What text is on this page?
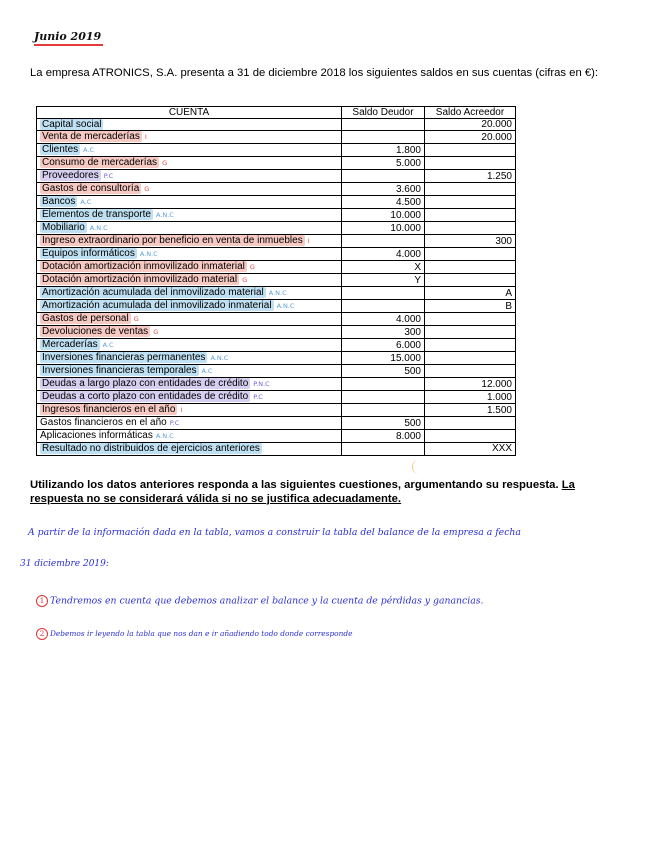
Junio 2019
La empresa ATRONICS, S.A. presenta a 31 de diciembre 2018 los siguientes saldos en sus cuentas (cifras en €):
CUENTA	Saldo Deudor	Saldo Acreedor
Capital social		20.000
Venta de mercaderías I		20.000
Clientes A.C	1.800	
Consumo de mercaderías G	5.000	
Proveedores P.C		1.250
Gastos de consultoría G	3.600	
Bancos A.C	4.500	
Elementos de transporte A.N.C	10.000	
Mobiliario A.N.C	10.000	
Ingreso extraordinario por beneficio en venta de inmuebles I		300
Equipos informáticos A.N.C	4.000	
Dotación amortización inmovilizado inmaterial G	X	
Dotación amortización inmovilizado material G	Y	
Amortización acumulada del inmovilizado material A.N.C		A
Amortización acumulada del inmovilizado inmaterial A.N.C		B
Gastos de personal G	4.000	
Devoluciones de ventas G	300	
Mercaderías A.C	6.000	
Inversiones financieras permanentes A.N.C	15.000	
Inversiones financieras temporales A.C	500	
Deudas a largo plazo con entidades de crédito P.N.C		12.000
Deudas a corto plazo con entidades de crédito P.C		1.000
Ingresos financieros en el año I		1.500
Gastos financieros en el año P.C	500	
Aplicaciones informáticas A.N.C	8.000	
Resultado no distribuidos de ejercicios anteriores		XXX
Utilizando los datos anteriores responda a las siguientes cuestiones, argumentando su respuesta. La respuesta no se considerará válida si no se justifica adecuadamente.
A partir de la información dada en la tabla, vamos a construir la tabla del balance de la empresa a fecha
31 diciembre 2019:
1 Tendremos en cuenta que debemos analizar el balance y la cuenta de pérdidas y ganancias.
2 Debemos ir leyendo la tabla que nos dan e ir añadiendo todo donde corresponde
